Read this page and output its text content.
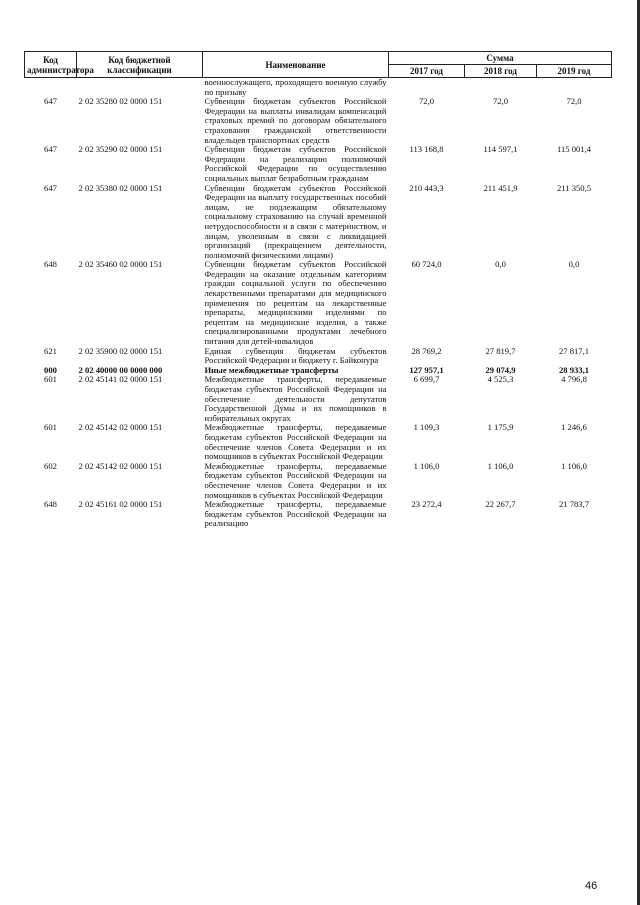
Код администратора	Код бюджетной классификации	Наименование	Сумма		
			2017 год	2018 год	2019 год
		военнослужащего, проходящего военную службу по призыву			
647	2 02 35280 02 0000 151	Субвенции бюджетам субъектов Российской Федерации на выплаты инвалидам компенсаций страховых премий по договорам обязательного страхования гражданской ответственности владельцев транспортных средств	72,0	72,0	72,0
647	2 02 35290 02 0000 151	Субвенции бюджетам субъектов Российской Федерации на реализацию полномочий Российской Федерации по осуществлению социальных выплат безработным гражданам	113 168,8	114 597,1	115 001,4
647	2 02 35380 02 0000 151	Субвенции бюджетам субъектов Российской Федерации на выплату государственных пособий лицам, не подлежащим обязательному социальному страхованию на случай временной нетрудоспособности и в связи с материнством, и лицам, уволенным в связи с ликвидацией организаций (прекращением деятельности, полномочий физическими лицами)	210 443,3	211 451,9	211 350,5
648	2 02 35460 02 0000 151	Субвенции бюджетам субъектов Российской Федерации на оказание отдельным категориям граждан социальной услуги по обеспечению лекарственными препаратами для медицинского применения по рецептам на лекарственные препараты, медицинскими изделиями по рецептам на медицинские изделия, а также специализированными продуктами лечебного питания для детей-инвалидов	60 724,0	0,0	0,0
621	2 02 35900 02 0000 151	Единая субвенция бюджетам субъектов Российской Федерации и бюджету г. Байконура	28 769,2	27 819,7	27 817,1
000	2 02 40000 00 0000 000	Иные межбюджетные трансферты	127 957,1	29 074,9	28 933,1
601	2 02 45141 02 0000 151	Межбюджетные трансферты, передаваемые бюджетам субъектов Российской Федерации на обеспечение деятельности депутатов Государственной Думы и их помощников в избирательных округах	6 699,7	4 525,3	4 796,8
601	2 02 45142 02 0000 151	Межбюджетные трансферты, передаваемые бюджетам субъектов Российской Федерации на обеспечение членов Совета Федерации и их помощников в субъектах Российской Федерации	1 109,3	1 175,9	1 246,6
602	2 02 45142 02 0000 151	Межбюджетные трансферты, передаваемые бюджетам субъектов Российской Федерации на обеспечение членов Совета Федерации и их помощников в субъектах Российской Федерации	1 106,0	1 106,0	1 106,0
648	2 02 45161 02 0000 151	Межбюджетные трансферты, передаваемые бюджетам субъектов Российской Федерации на реализацию	23 272,4	22 267,7	21 783,7
46
